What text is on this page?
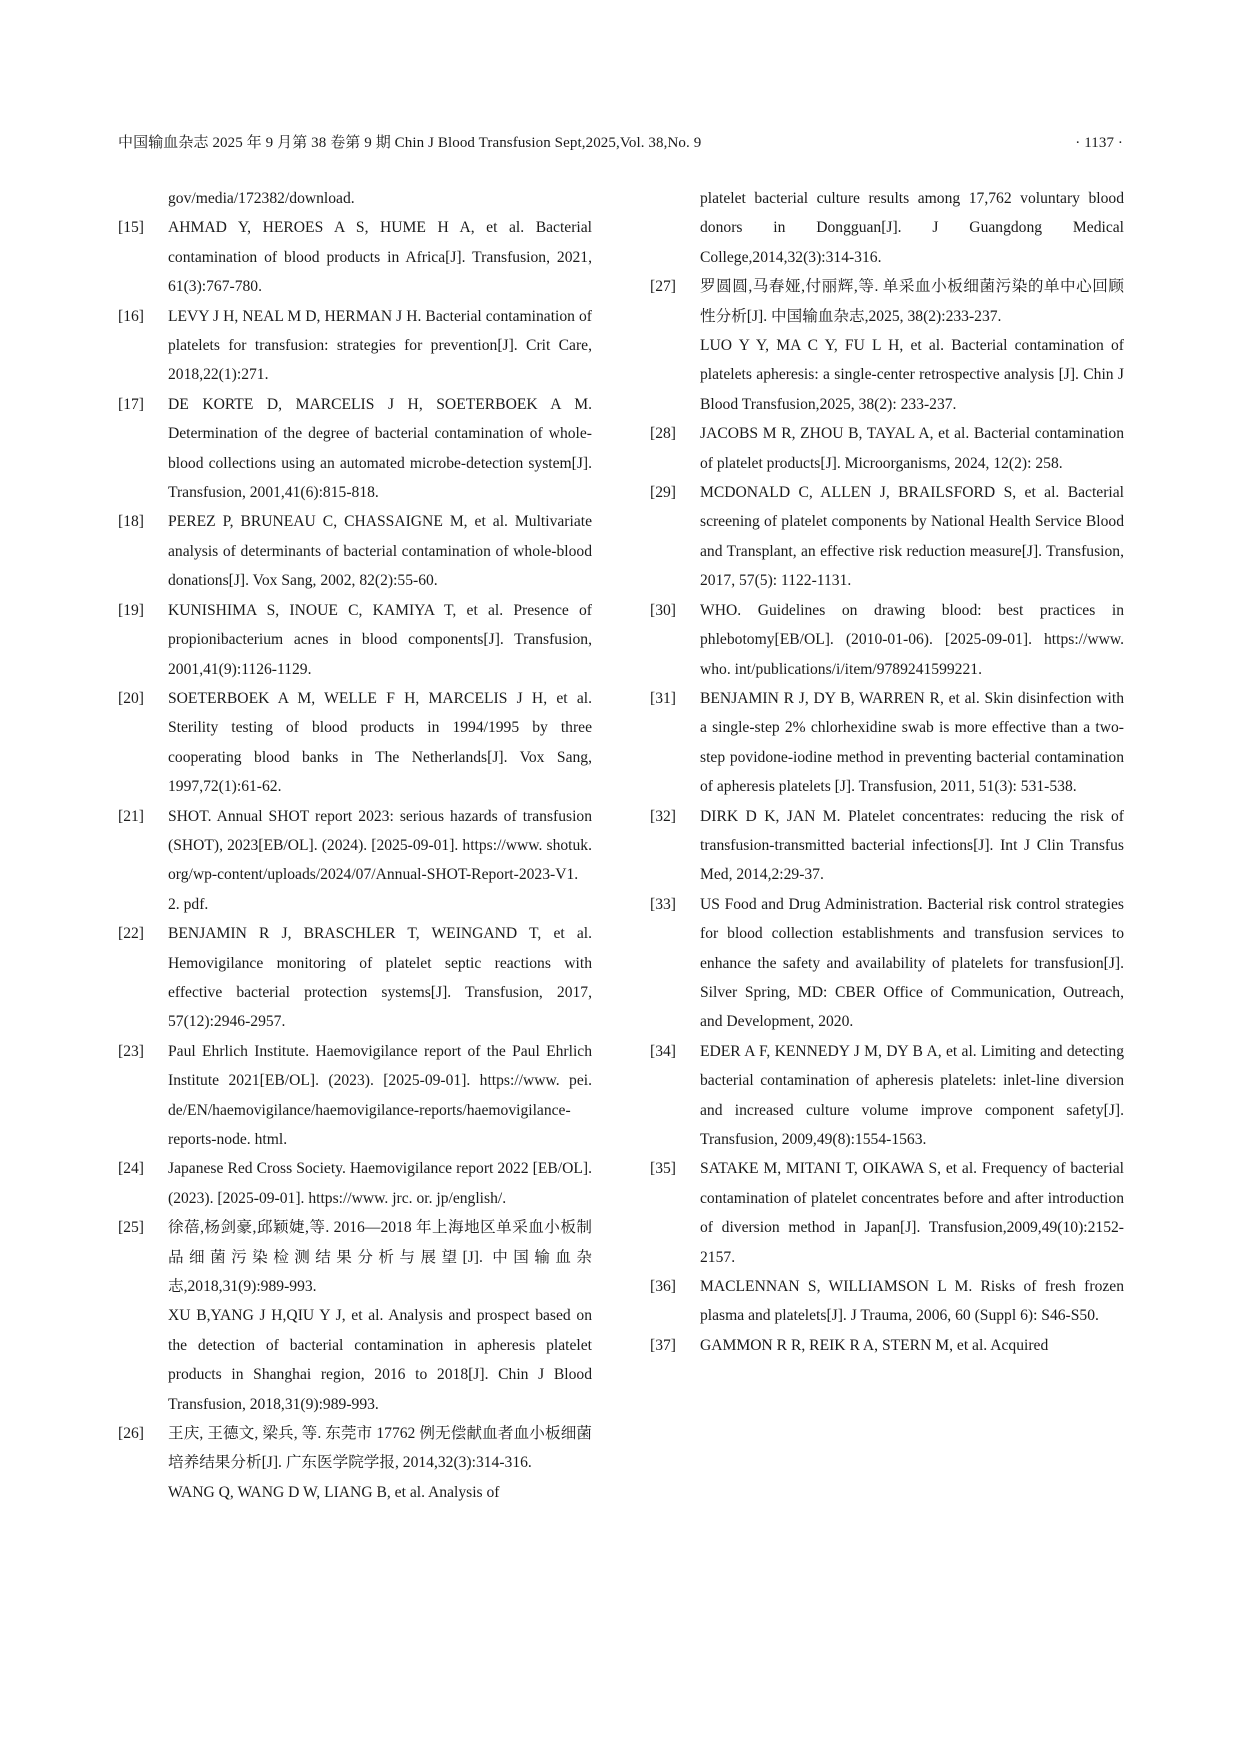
中国输血杂志 2025 年 9 月第 38 卷第 9 期 Chin J Blood Transfusion Sept,2025,Vol. 38,No. 9	· 1137 ·

gov/media/172382/download.

[15] AHMAD Y, HEROES A S, HUME H A, et al. Bacterial contamination of blood products in Africa[J]. Transfusion, 2021, 61(3):767-780.
[16] LEVY J H, NEAL M D, HERMAN J H. Bacterial contamination of platelets for transfusion: strategies for prevention[J]. Crit Care, 2018,22(1):271.
[17] DE KORTE D, MARCELIS J H, SOETERBOEK A M. Determination of the degree of bacterial contamination of whole-blood collections using an automated microbe-detection system[J]. Transfusion, 2001,41(6):815-818.
[18] PEREZ P, BRUNEAU C, CHASSAIGNE M, et al. Multivariate analysis of determinants of bacterial contamination of whole-blood donations[J]. Vox Sang, 2002, 82(2):55-60.
[19] KUNISHIMA S, INOUE C, KAMIYA T, et al. Presence of propionibacterium acnes in blood components[J]. Transfusion, 2001,41(9):1126-1129.
[20] SOETERBOEK A M, WELLE F H, MARCELIS J H, et al. Sterility testing of blood products in 1994/1995 by three cooperating blood banks in The Netherlands[J]. Vox Sang, 1997,72(1):61-62.
[21] SHOT. Annual SHOT report 2023: serious hazards of transfusion (SHOT), 2023[EB/OL]. (2024). [2025-09-01]. https://www. shotuk. org/wp-content/uploads/2024/07/Annual-SHOT-Report-2023-V1. 2. pdf.
[22] BENJAMIN R J, BRASCHLER T, WEINGAND T, et al. Hemovigilance monitoring of platelet septic reactions with effective bacterial protection systems[J]. Transfusion, 2017, 57(12):2946-2957.
[23] Paul Ehrlich Institute. Haemovigilance report of the Paul Ehrlich Institute 2021[EB/OL]. (2023). [2025-09-01]. https://www. pei. de/EN/haemovigilance/haemovigilance-reports/haemovigilance-reports-node. html.
[24] Japanese Red Cross Society. Haemovigilance report 2022 [EB/OL]. (2023). [2025-09-01]. https://www. jrc. or. jp/english/.
[25] 徐蓓,杨剑豪,邱颖婕,等. 2016—2018 年上海地区单采血小板制品细菌污染检测结果分析与展望[J]. 中国输血杂志,2018,31(9):989-993.
XU B,YANG J H,QIU Y J, et al. Analysis and prospect based on the detection of bacterial contamination in apheresis platelet products in Shanghai region, 2016 to 2018[J]. Chin J Blood Transfusion, 2018,31(9):989-993.
[26] 王庆, 王德文, 梁兵, 等. 东莞市 17762 例无偿献血者血小板细菌培养结果分析[J]. 广东医学院学报, 2014,32(3):314-316.
WANG Q, WANG D W, LIANG B, et al. Analysis of

platelet bacterial culture results among 17,762 voluntary blood donors in Dongguan[J]. J Guangdong Medical College,2014,32(3):314-316.

[27] 罗圆圆,马春娅,付丽辉,等. 单采血小板细菌污染的单中心回顾性分析[J]. 中国输血杂志,2025, 38(2):233-237.
LUO Y Y, MA C Y, FU L H, et al. Bacterial contamination of platelets apheresis: a single-center retrospective analysis [J]. Chin J Blood Transfusion,2025, 38(2): 233-237.
[28] JACOBS M R, ZHOU B, TAYAL A, et al. Bacterial contamination of platelet products[J]. Microorganisms, 2024, 12(2): 258.
[29] MCDONALD C, ALLEN J, BRAILSFORD S, et al. Bacterial screening of platelet components by National Health Service Blood and Transplant, an effective risk reduction measure[J]. Transfusion, 2017, 57(5): 1122-1131.
[30] WHO. Guidelines on drawing blood: best practices in phlebotomy[EB/OL]. (2010-01-06). [2025-09-01]. https://www. who. int/publications/i/item/9789241599221.
[31] BENJAMIN R J, DY B, WARREN R, et al. Skin disinfection with a single-step 2% chlorhexidine swab is more effective than a two-step povidone-iodine method in preventing bacterial contamination of apheresis platelets [J]. Transfusion, 2011, 51(3): 531-538.
[32] DIRK D K, JAN M. Platelet concentrates: reducing the risk of transfusion-transmitted bacterial infections[J]. Int J Clin Transfus Med, 2014,2:29-37.
[33] US Food and Drug Administration. Bacterial risk control strategies for blood collection establishments and transfusion services to enhance the safety and availability of platelets for transfusion[J]. Silver Spring, MD: CBER Office of Communication, Outreach, and Development, 2020.
[34] EDER A F, KENNEDY J M, DY B A, et al. Limiting and detecting bacterial contamination of apheresis platelets: inlet-line diversion and increased culture volume improve component safety[J]. Transfusion, 2009,49(8):1554-1563.
[35] SATAKE M, MITANI T, OIKAWA S, et al. Frequency of bacterial contamination of platelet concentrates before and after introduction of diversion method in Japan[J]. Transfusion,2009,49(10):2152-2157.
[36] MACLENNAN S, WILLIAMSON L M. Risks of fresh frozen plasma and platelets[J]. J Trauma, 2006, 60 (Suppl 6): S46-S50.
[37] GAMMON R R, REIK R A, STERN M, et al. Acquired
